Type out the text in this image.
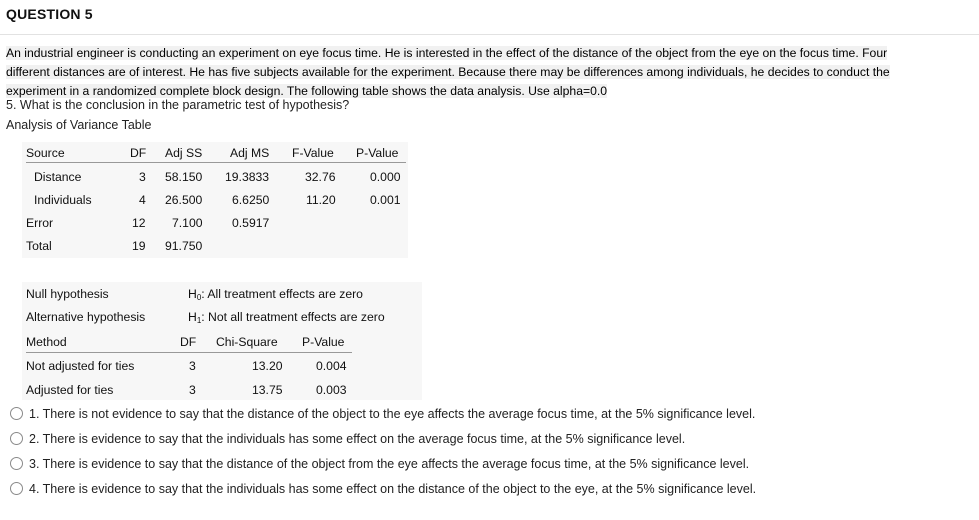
QUESTION 5
An industrial engineer is conducting an experiment on eye focus time. He is interested in the effect of the distance of the object from the eye on the focus time. Four different distances are of interest. He has five subjects available for the experiment. Because there may be differences among individuals, he decides to conduct the experiment in a randomized complete block design. The following table shows the data analysis. Use alpha=0.0
5. What is the conclusion in the parametric test of hypothesis?
Analysis of Variance Table
Source	DF Adj SS Adj MS F-Value P-Value
Distance	3 58.150 19.3833	32.76	0.000
Individuals	4 26.500 6.6250	11.20	0.001
Error	12 7.100 0.5917
Total	19 91.750
Null hypothesis	$H_0$: All treatment effects are zero
Alternative hypothesis	$H_1$: Not all treatment effects are zero
Method	DF Chi-Square P-Value
Not adjusted for ties	3	13.20	0.004
Adjusted for ties	3	13.75	0.003
1. There is not evidence to say that the distance of the object to the eye affects the average focus time, at the 5% significance level.
2. There is evidence to say that the individuals has some effect on the average focus time, at the 5% significance level.
3. There is evidence to say that the distance of the object from the eye affects the average focus time, at the 5% significance level.
4. There is evidence to say that the individuals has some effect on the distance of the object to the eye, at the 5% significance level.
